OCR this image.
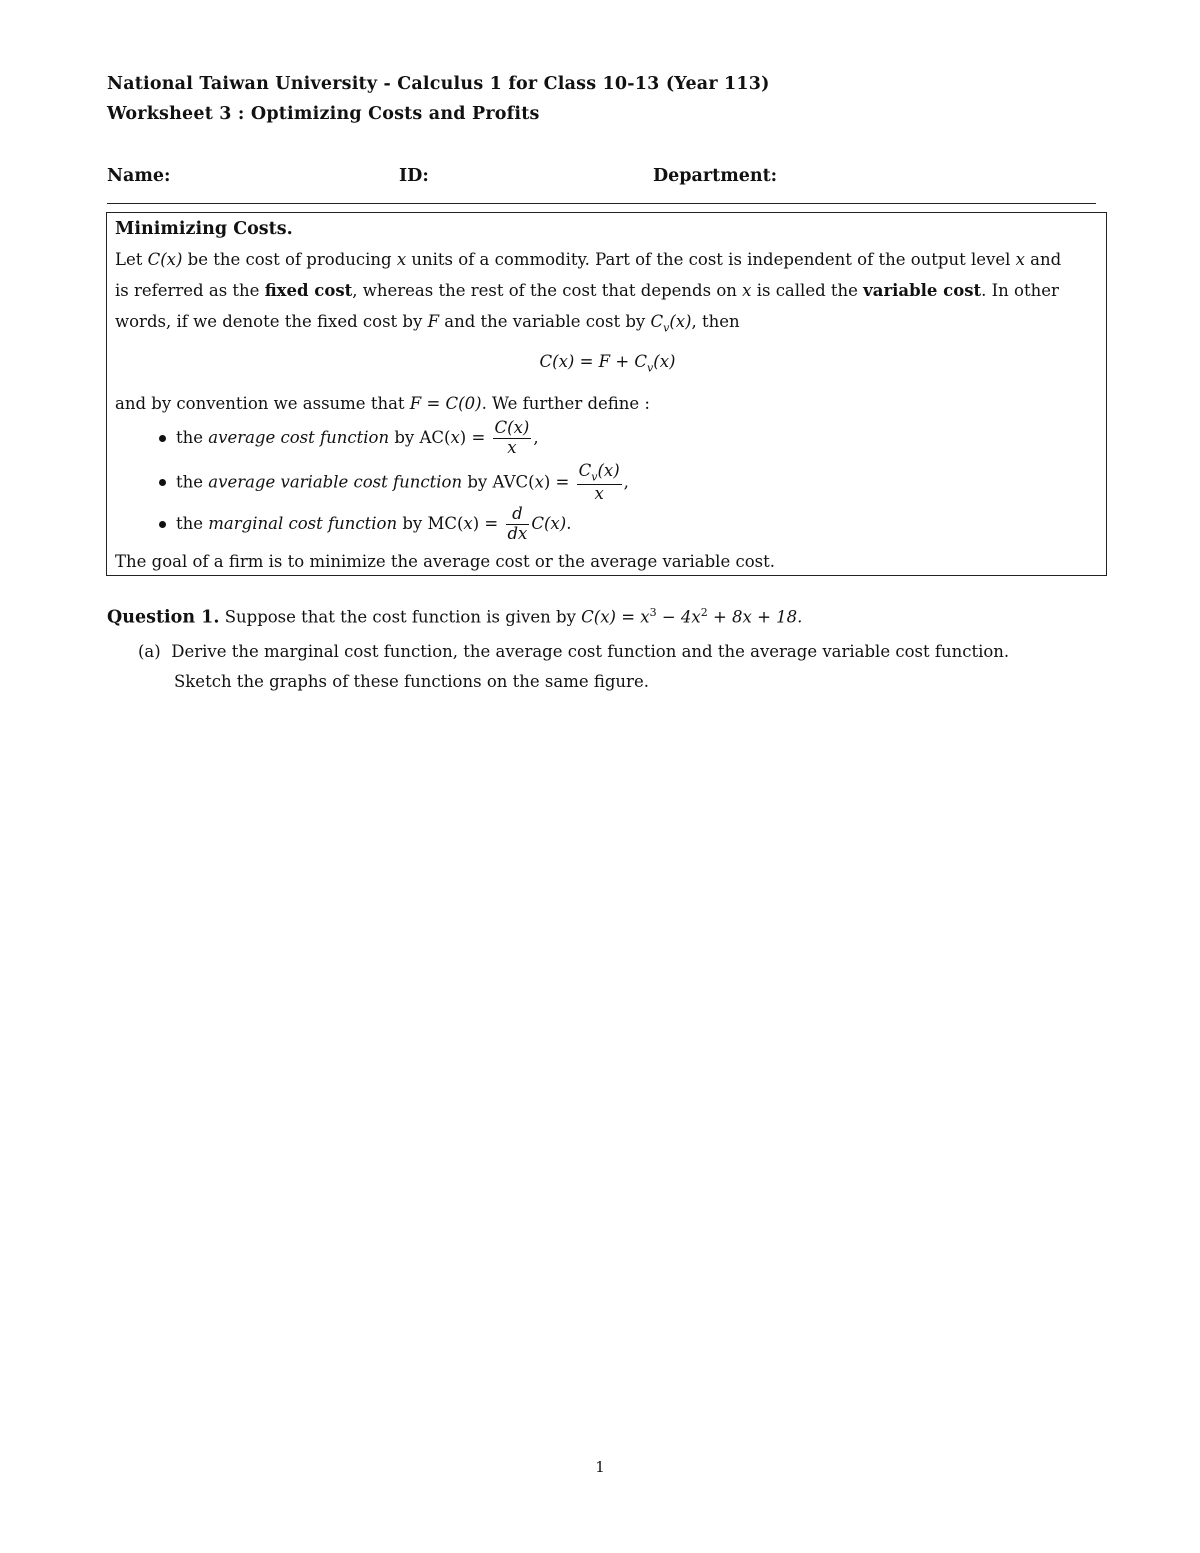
National Taiwan University - Calculus 1 for Class 10-13 (Year 113)
Worksheet 3 : Optimizing Costs and Profits
Name:	ID:	Department:
Minimizing Costs.
Let C(x) be the cost of producing x units of a commodity. Part of the cost is independent of the output level x and
is referred as the fixed cost, whereas the rest of the cost that depends on x is called the variable cost. In other
words, if we denote the fixed cost by F and the variable cost by $C_v(x)$, then
$C(x) = F + C_v(x)$
and by convention we assume that F = C(0). We further define :
the average cost function by $AC(x) = \frac{C(x)}{x}$ ,
the average variable cost function by $AVC(x) = \frac{C_v(x)}{x}$ ,
the marginal cost function by $MC(x) = \frac{d}{dx} C(x)$.
The goal of a firm is to minimize the average cost or the average variable cost.
Question 1. Suppose that the cost function is given by $C(x) = x^3 - 4x^2 + 8x + 18$.
(a) Derive the marginal cost function, the average cost function and the average variable cost function.
Sketch the graphs of these functions on the same figure.
1
